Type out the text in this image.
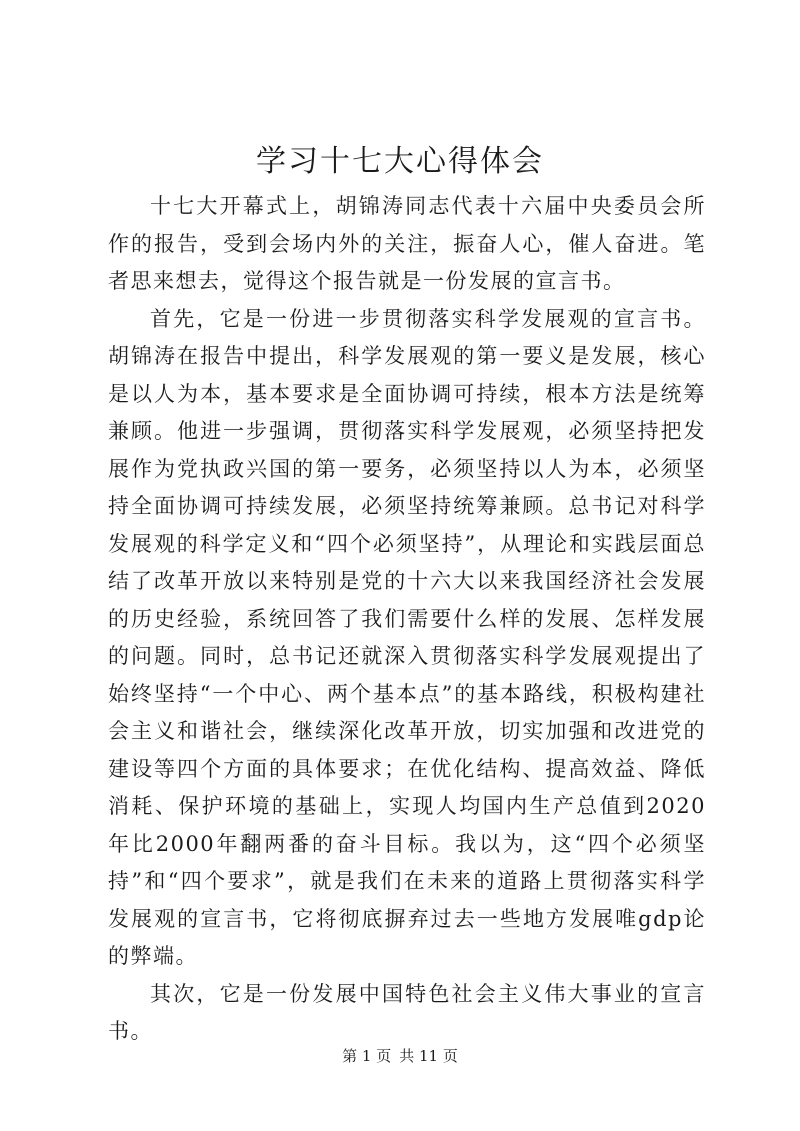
学习十七大心得体会

十七大开幕式上，胡锦涛同志代表十六届中央委员会所作的报告，受到会场内外的关注，振奋人心，催人奋进。笔者思来想去，觉得这个报告就是一份发展的宣言书。

首先，它是一份进一步贯彻落实科学发展观的宣言书。胡锦涛在报告中提出，科学发展观的第一要义是发展，核心是以人为本，基本要求是全面协调可持续，根本方法是统筹兼顾。他进一步强调，贯彻落实科学发展观，必须坚持把发展作为党执政兴国的第一要务，必须坚持以人为本，必须坚持全面协调可持续发展，必须坚持统筹兼顾。总书记对科学发展观的科学定义和“四个必须坚持”，从理论和实践层面总结了改革开放以来特别是党的十六大以来我国经济社会发展的历史经验，系统回答了我们需要什么样的发展、怎样发展的问题。同时，总书记还就深入贯彻落实科学发展观提出了始终坚持“一个中心、两个基本点”的基本路线，积极构建社会主义和谐社会，继续深化改革开放，切实加强和改进党的建设等四个方面的具体要求；在优化结构、提高效益、降低消耗、保护环境的基础上，实现人均国内生产总值到2020年比2000年翻两番的奋斗目标。我以为，这“四个必须坚持”和“四个要求”，就是我们在未来的道路上贯彻落实科学发展观的宣言书，它将彻底摒弃过去一些地方发展唯gdp论的弊端。

其次，它是一份发展中国特色社会主义伟大事业的宣言书。

第 1 页 共 11 页
